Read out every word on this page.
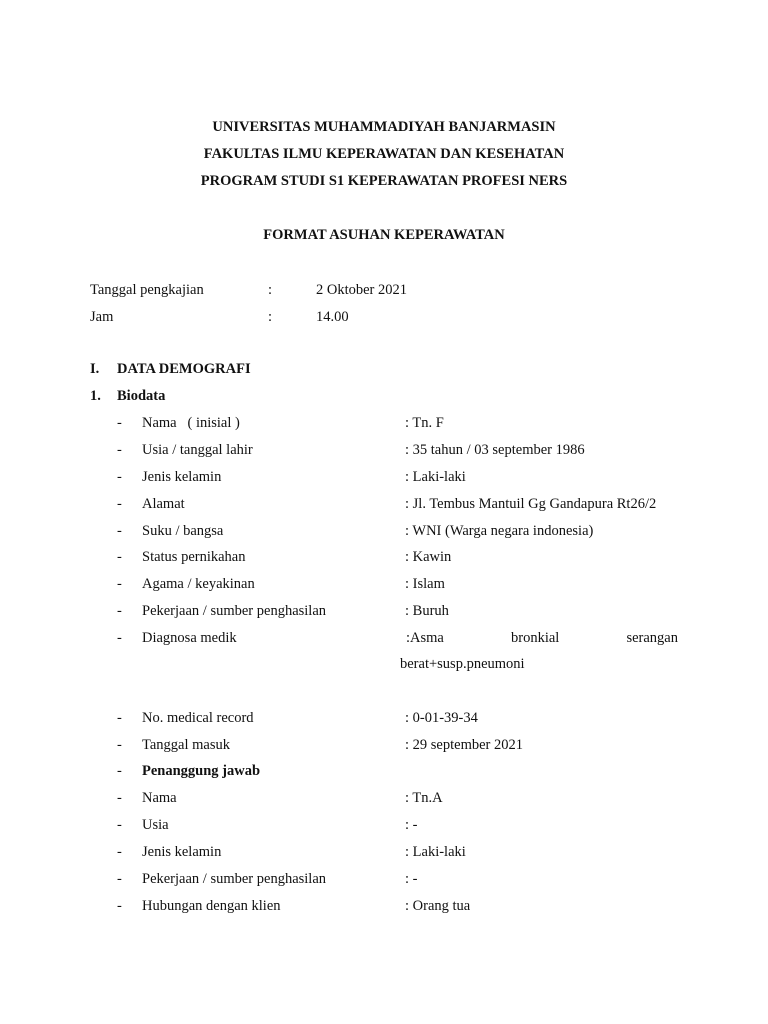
UNIVERSITAS MUHAMMADIYAH BANJARMASIN
FAKULTAS ILMU KEPERAWATAN DAN KESEHATAN
PROGRAM STUDI S1 KEPERAWATAN PROFESI NERS
FORMAT ASUHAN KEPERAWATAN
Tanggal pengkajian	:	2 Oktober 2021
Jam	:	14.00
I. DATA DEMOGRAFI
1. Biodata
- Nama   ( inisial )	: Tn. F
- Usia / tanggal lahir	: 35 tahun / 03 september 1986
- Jenis kelamin	: Laki-laki
- Alamat	: Jl. Tembus Mantuil Gg Gandapura Rt26/2
- Suku / bangsa	: WNI (Warga negara indonesia)
- Status pernikahan	: Kawin
- Agama / keyakinan	: Islam
- Pekerjaan / sumber penghasilan	: Buruh
- Diagnosa medik	:Asma	bronkial	serangan
berat+susp.pneumoni
- No. medical record	: 0-01-39-34
- Tanggal masuk	: 29 september 2021
- Penanggung jawab
- Nama	: Tn.A
- Usia	: -
- Jenis kelamin	: Laki-laki
- Pekerjaan / sumber penghasilan	: -
- Hubungan dengan klien	: Orang tua
